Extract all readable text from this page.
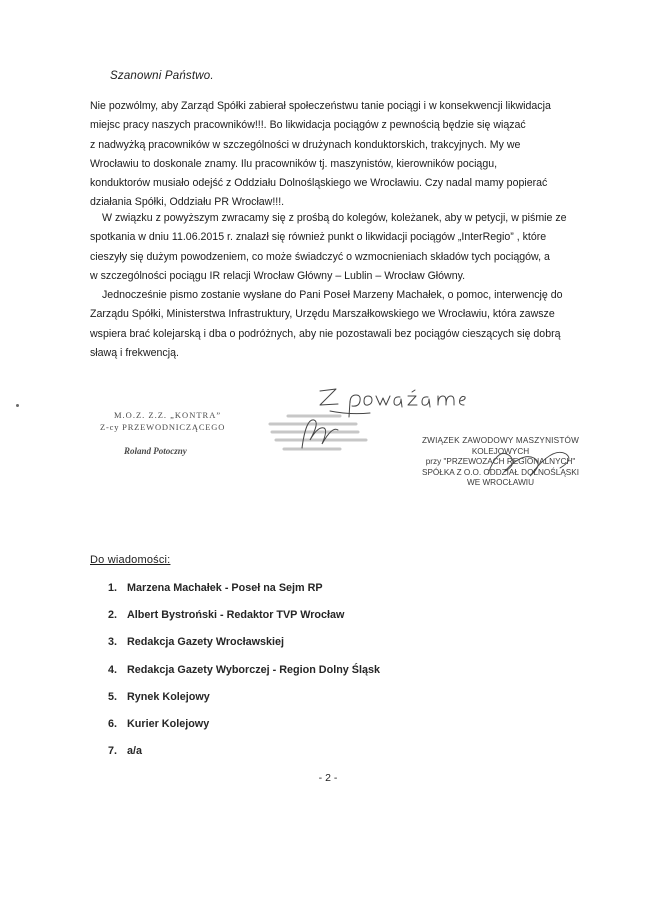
Szanowni Państwo.

Nie pozwólmy, aby Zarząd Spółki zabierał społeczeństwu tanie pociągi i w konsekwencji likwidacja
miejsc pracy naszych pracowników!!!. Bo likwidacja pociągów z pewnością będzie się wiązać
z nadwyżką pracowników w szczególności w drużynach konduktorskich, trakcyjnych. My we
Wrocławiu to doskonale znamy. Ilu pracowników tj. maszynistów, kierowników pociągu,
konduktorów musiało odejść z Oddziału Dolnośląskiego we Wrocławiu. Czy nadal mamy popierać
działania Spółki, Oddziału PR Wrocław!!!.

W związku z powyższym zwracamy się z prośbą do kolegów, koleżanek, aby w petycji, w piśmie ze
spotkania w dniu 11.06.2015 r. znalazł się również punkt o likwidacji pociągów „InterRegio” , które
cieszyły się dużym powodzeniem, co może świadczyć o wzmocnieniach składów tych pociągów, a
w szczególności pociągu IR relacji Wrocław Główny – Lublin – Wrocław Główny.

Jednocześnie pismo zostanie wysłane do Pani Poseł Marzeny Machałek, o pomoc, interwencję do
Zarządu Spółki, Ministerstwa Infrastruktury, Urzędu Marszałkowskiego we Wrocławiu, która zawsze
wspiera brać kolejarską i dba o podróżnych, aby nie pozostawali bez pociągów cieszących się dobrą
sławą i frekwencją.

M.O.Z. Z.Z. „KONTRA”
Z-cy PRZEWODNICZĄCEGO
Roland Potoczny
ZWIĄZEK ZAWODOWY MASZYNISTÓW
KOLEJOWYCH
przy "PRZEWOZACH REGIONALNYCH"
SPÓŁKA Z O.O. ODDZIAŁ DOLNOŚLĄSKI
WE WROCŁAWIU
Do wiadomości:
1. Marzena Machałek - Poseł na Sejm RP
2. Albert Bystroński - Redaktor TVP Wrocław
3. Redakcja Gazety Wrocławskiej
4. Redakcja Gazety Wyborczej - Region Dolny Śląsk
5. Rynek Kolejowy
6. Kurier Kolejowy
7. a/a
- 2 -
